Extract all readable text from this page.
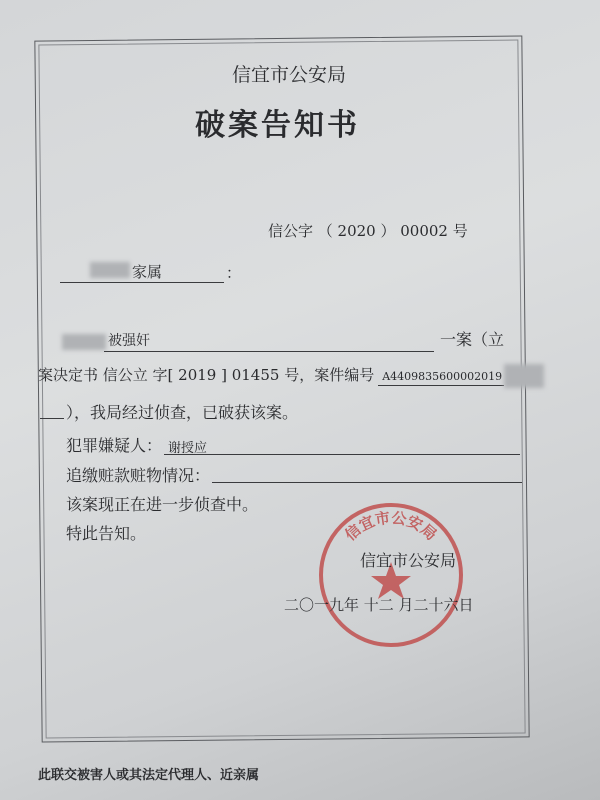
信宜市公安局
破案告知书
信公字 （ 2020 ） 00002 号
家属	：
被强奸	一案（立
案决定书 信公立 字[ 2019 ] 01455 号，案件编号 A4409835600002019
），我局经过侦查，已破获该案。
犯罪嫌疑人： 谢授应
追缴赃款赃物情况：
该案现正在进一步侦查中。
特此告知。	信宜市公安局
信宜市公安局
二〇一九年 十二 月二十六日
此联交被害人或其法定代理人、近亲属
